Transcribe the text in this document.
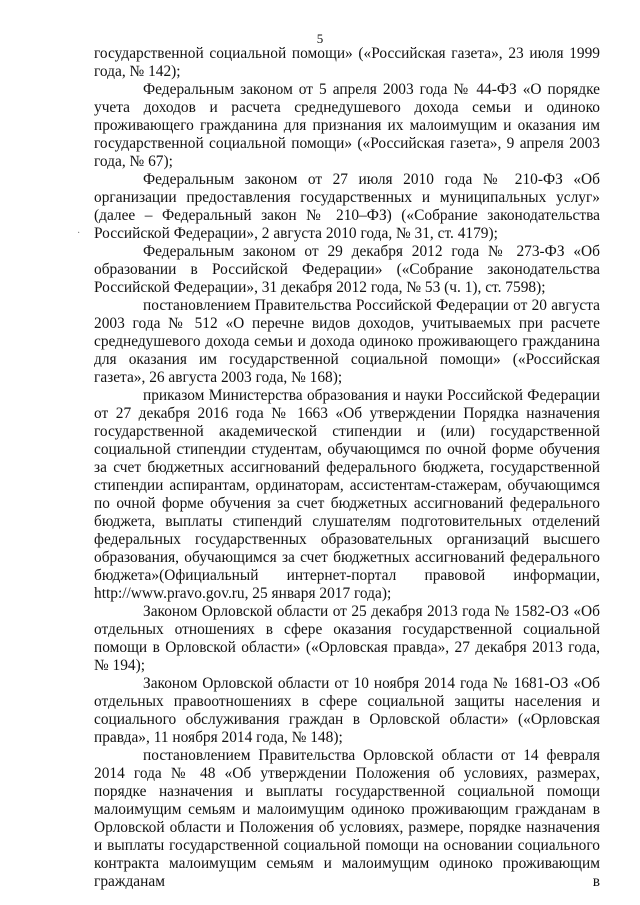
5
·

государственной социальной помощи» («Российская газета», 23 июля 1999 года, № 142);

Федеральным законом от 5 апреля 2003 года № 44-ФЗ «О порядке учета доходов и расчета среднедушевого дохода семьи и одиноко проживающего гражданина для признания их малоимущим и оказания им государственной социальной помощи» («Российская газета», 9 апреля 2003 года, № 67);

Федеральным законом от 27 июля 2010 года № 210-ФЗ «Об организации предоставления государственных и муниципальных услуг» (далее – Федеральный закон № 210–ФЗ) («Собрание законодательства Российской Федерации», 2 августа 2010 года, № 31, ст. 4179);

Федеральным законом от 29 декабря 2012 года № 273-ФЗ «Об образовании в Российской Федерации» («Собрание законодательства Российской Федерации», 31 декабря 2012 года, № 53 (ч. 1), ст. 7598);

постановлением Правительства Российской Федерации от 20 августа 2003 года № 512 «О перечне видов доходов, учитываемых при расчете среднедушевого дохода семьи и дохода одиноко проживающего гражданина для оказания им государственной социальной помощи» («Российская газета», 26 августа 2003 года, № 168);

приказом Министерства образования и науки Российской Федерации от 27 декабря 2016 года № 1663 «Об утверждении Порядка назначения государственной академической стипендии и (или) государственной социальной стипендии студентам, обучающимся по очной форме обучения за счет бюджетных ассигнований федерального бюджета, государственной стипендии аспирантам, ординаторам, ассистентам-стажерам, обучающимся по очной форме обучения за счет бюджетных ассигнований федерального бюджета, выплаты стипендий слушателям подготовительных отделений федеральных государственных образовательных организаций высшего образования, обучающимся за счет бюджетных ассигнований федерального бюджета»(Официальный интернет-портал правовой информации, http://www.pravo.gov.ru, 25 января 2017 года);

Законом Орловской области от 25 декабря 2013 года № 1582-ОЗ «Об отдельных отношениях в сфере оказания государственной социальной помощи в Орловской области» («Орловская правда», 27 декабря 2013 года, № 194);

Законом Орловской области от 10 ноября 2014 года № 1681-ОЗ «Об отдельных правоотношениях в сфере социальной защиты населения и социального обслуживания граждан в Орловской области» («Орловская правда», 11 ноября 2014 года, № 148);

постановлением Правительства Орловской области от 14 февраля 2014 года № 48 «Об утверждении Положения об условиях, размерах, порядке назначения и выплаты государственной социальной помощи малоимущим семьям и малоимущим одиноко проживающим гражданам в Орловской области и Положения об условиях, размере, порядке назначения и выплаты государственной социальной помощи на основании социального контракта малоимущим семьям и малоимущим одиноко проживающим гражданам в
